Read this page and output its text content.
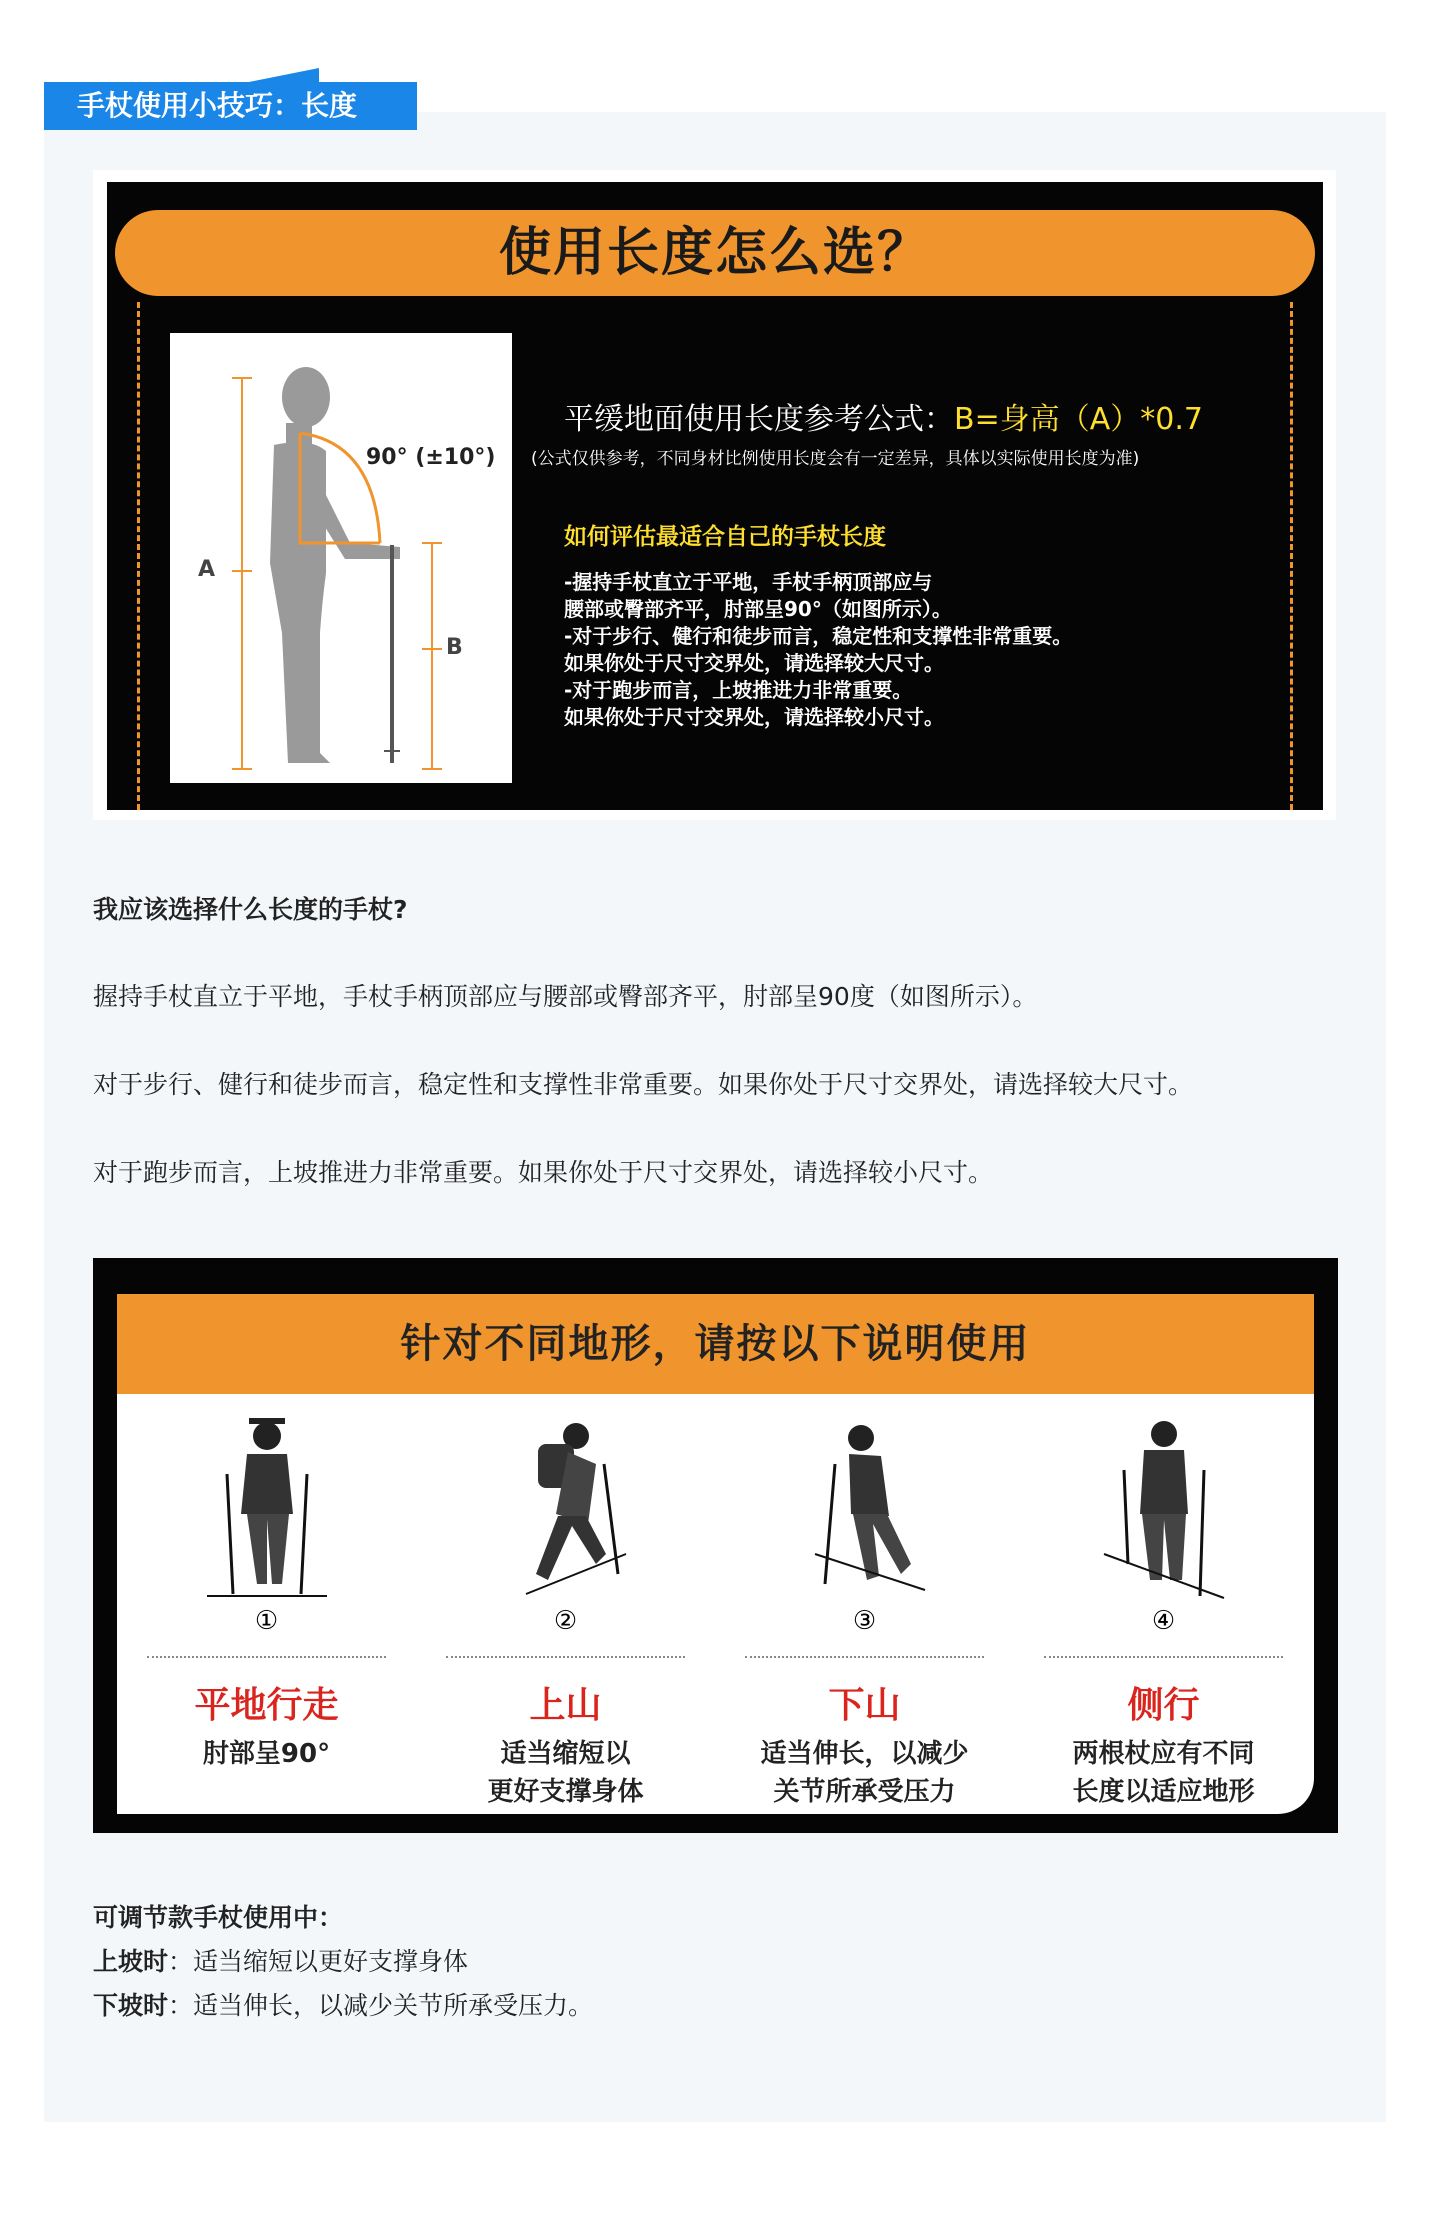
手杖使用小技巧：长度
使用长度怎么选？
A
B
90° (±10°)
平缓地面使用长度参考公式：B=身高（A）*0.7
(公式仅供参考，不同身材比例使用长度会有一定差异，具体以实际使用长度为准)
如何评估最适合自己的手杖长度
-握持手杖直立于平地，手杖手柄顶部应与
腰部或臀部齐平，肘部呈90°（如图所示）。
-对于步行、健行和徒步而言，稳定性和支撑性非常重要。
如果你处于尺寸交界处，请选择较大尺寸。
-对于跑步而言，上坡推进力非常重要。
如果你处于尺寸交界处，请选择较小尺寸。
我应该选择什么长度的手杖?
握持手杖直立于平地，手杖手柄顶部应与腰部或臀部齐平，肘部呈90度（如图所示）。
对于步行、健行和徒步而言，稳定性和支撑性非常重要。如果你处于尺寸交界处，请选择较大尺寸。
对于跑步而言，上坡推进力非常重要。如果你处于尺寸交界处，请选择较小尺寸。
针对不同地形，请按以下说明使用
①
平地行走
肘部呈90°
②
上山
适当缩短以
更好支撑身体
③
下山
适当伸长，以减少
关节所承受压力
④
侧行
两根杖应有不同
长度以适应地形
可调节款手杖使用中：
上坡时：适当缩短以更好支撑身体
下坡时：适当伸长，以减少关节所承受压力。
